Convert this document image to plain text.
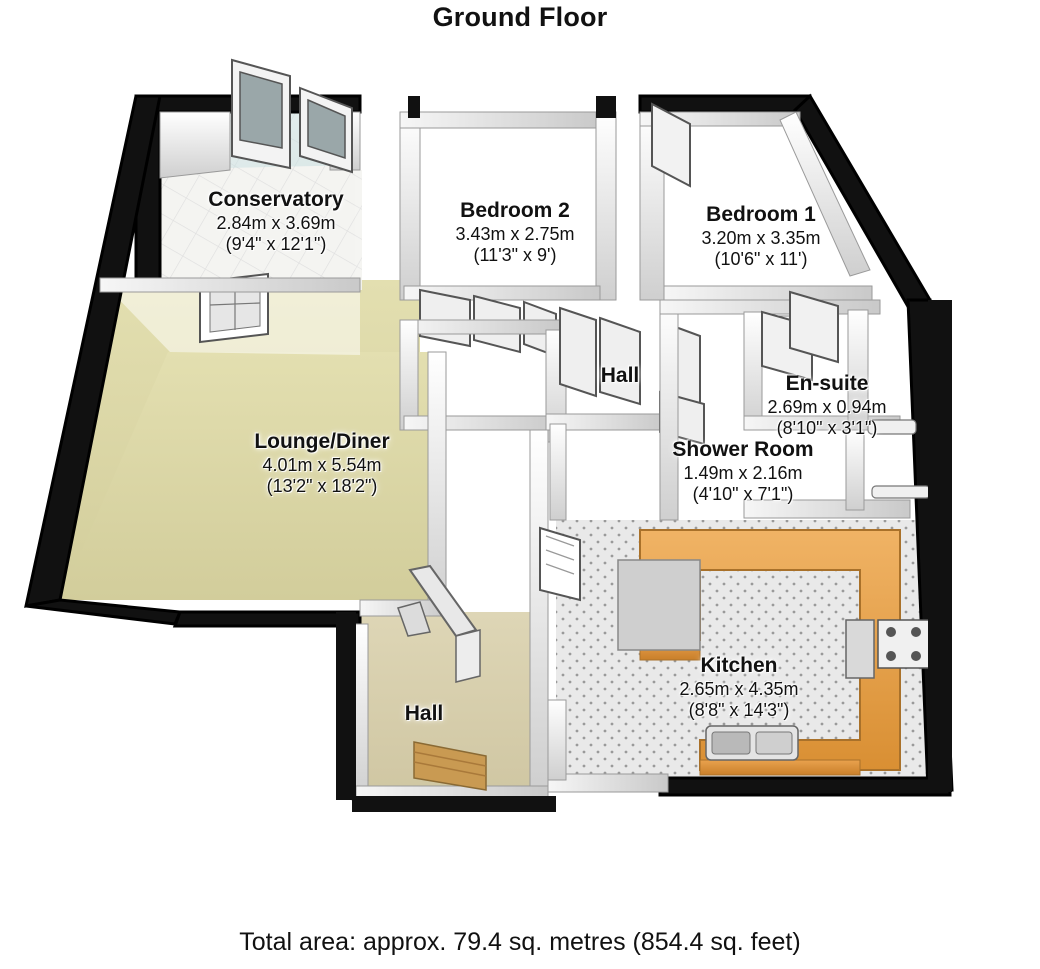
Ground Floor
Conservatory
2.84m x 3.69m
(9'4" x 12'1")
Bedroom 2
3.43m x 2.75m
(11'3" x 9')
Bedroom 1
3.20m x 3.35m
(10'6" x 11')
Hall	En-suite
2.69m x 0.94m
(8'10" x 3'1")
Shower Room
1.49m x 2.16m
(4'10" x 7'1")
Lounge/Diner
4.01m x 5.54m
(13'2" x 18'2")
Kitchen
2.65m x 4.35m
(8'8" x 14'3")
Hall
Total area: approx. 79.4 sq. metres (854.4 sq. feet)
